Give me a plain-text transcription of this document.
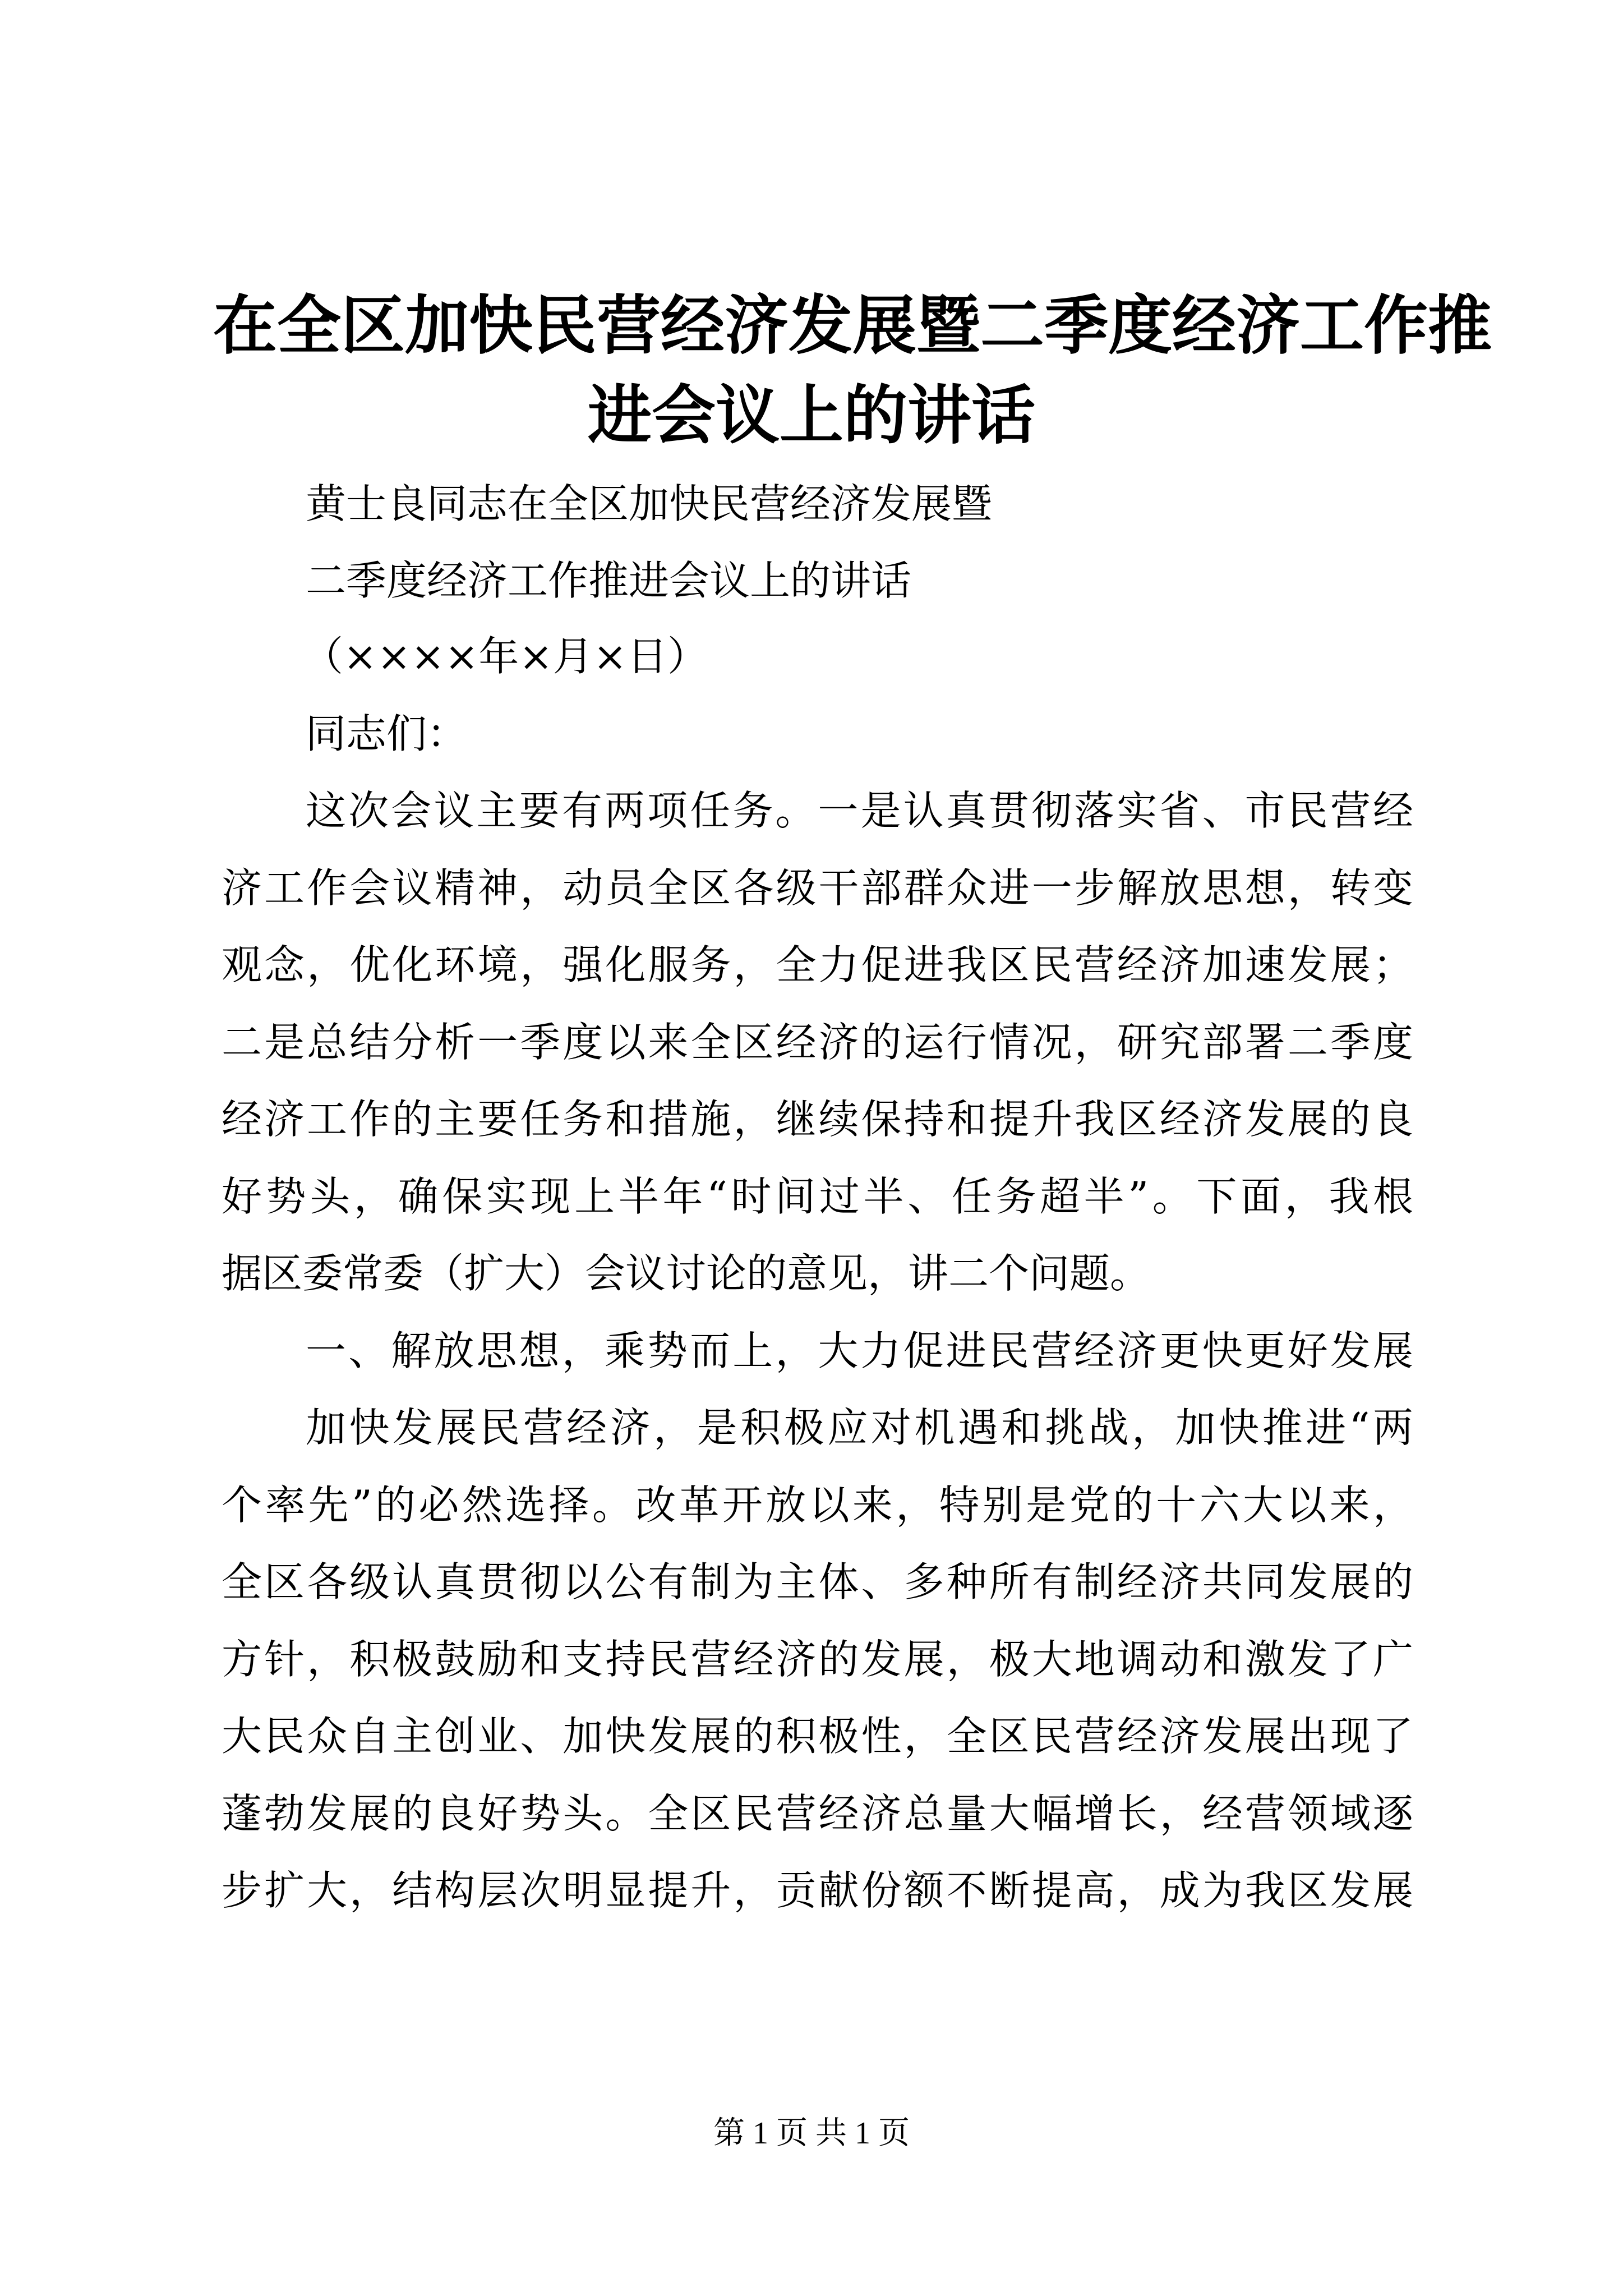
在全区加快民营经济发展暨二季度经济工作推
进会议上的讲话

黄士良同志在全区加快民营经济发展暨

二季度经济工作推进会议上的讲话

（××××年×月×日）

同志们：

这次会议主要有两项任务。一是认真贯彻落实省、市民营经

济工作会议精神，动员全区各级干部群众进一步解放思想，转变

观念，优化环境，强化服务，全力促进我区民营经济加速发展；

二是总结分析一季度以来全区经济的运行情况，研究部署二季度

经济工作的主要任务和措施，继续保持和提升我区经济发展的良

好势头，确保实现上半年“时间过半、任务超半”。下面，我根

据区委常委（扩大）会议讨论的意见，讲二个问题。

一、解放思想，乘势而上，大力促进民营经济更快更好发展

加快发展民营经济，是积极应对机遇和挑战，加快推进“两

个率先”的必然选择。改革开放以来，特别是党的十六大以来，

全区各级认真贯彻以公有制为主体、多种所有制经济共同发展的

方针，积极鼓励和支持民营经济的发展，极大地调动和激发了广

大民众自主创业、加快发展的积极性，全区民营经济发展出现了

蓬勃发展的良好势头。全区民营经济总量大幅增长，经营领域逐

步扩大，结构层次明显提升，贡献份额不断提高，成为我区发展

第 1 页 共 1 页
